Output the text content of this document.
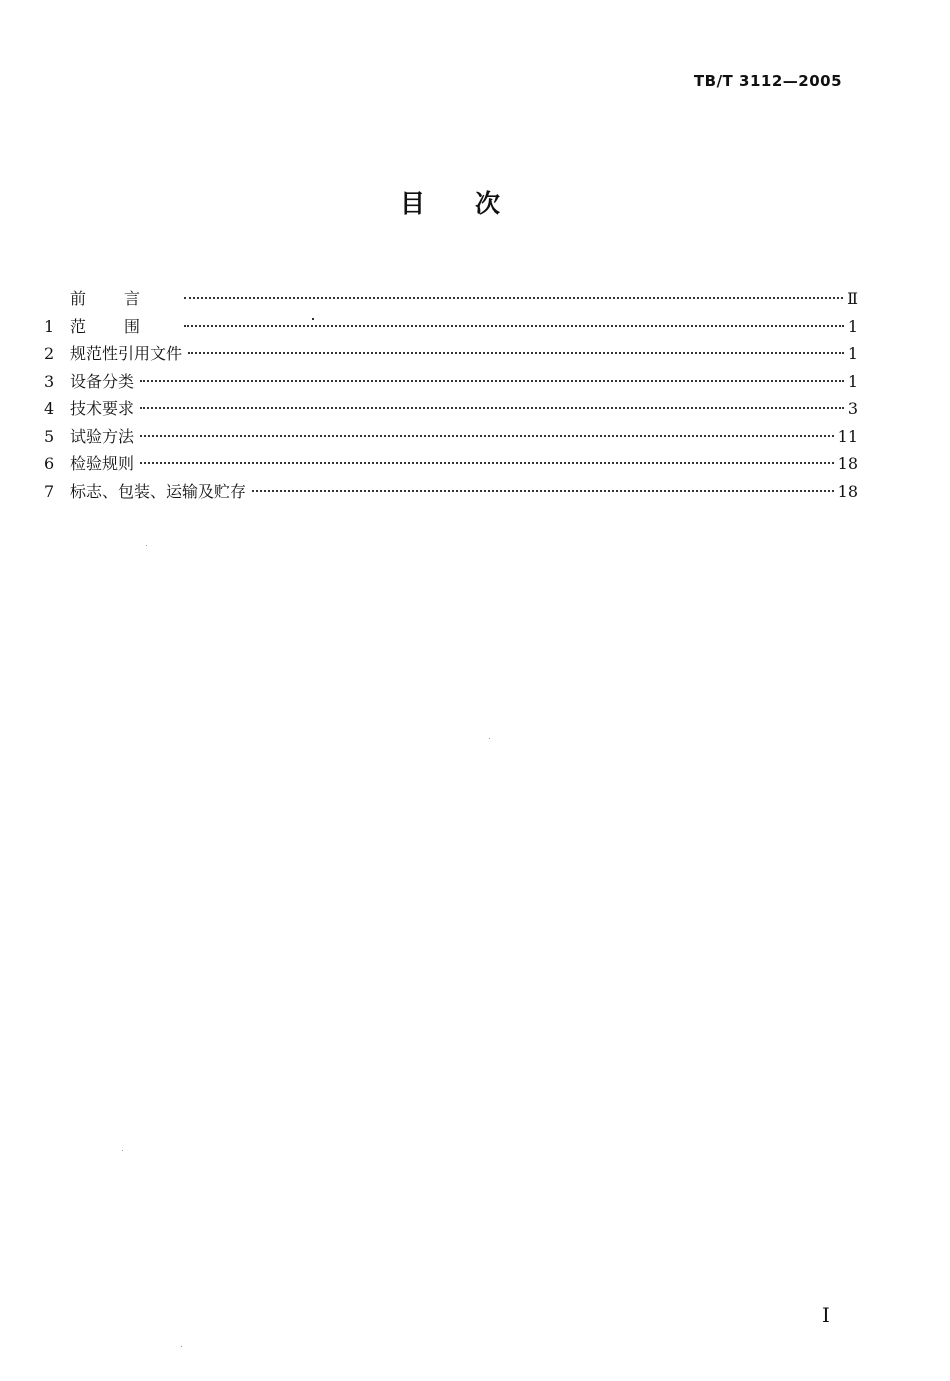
TB/T 3112—2005
目次
前言	Ⅱ
1 范围	1
2 规范性引用文件	1
3 设备分类	1
4 技术要求	3
5 试验方法	11
6 检验规则	18
7 标志、包装、运输及贮存	18
Ⅰ
